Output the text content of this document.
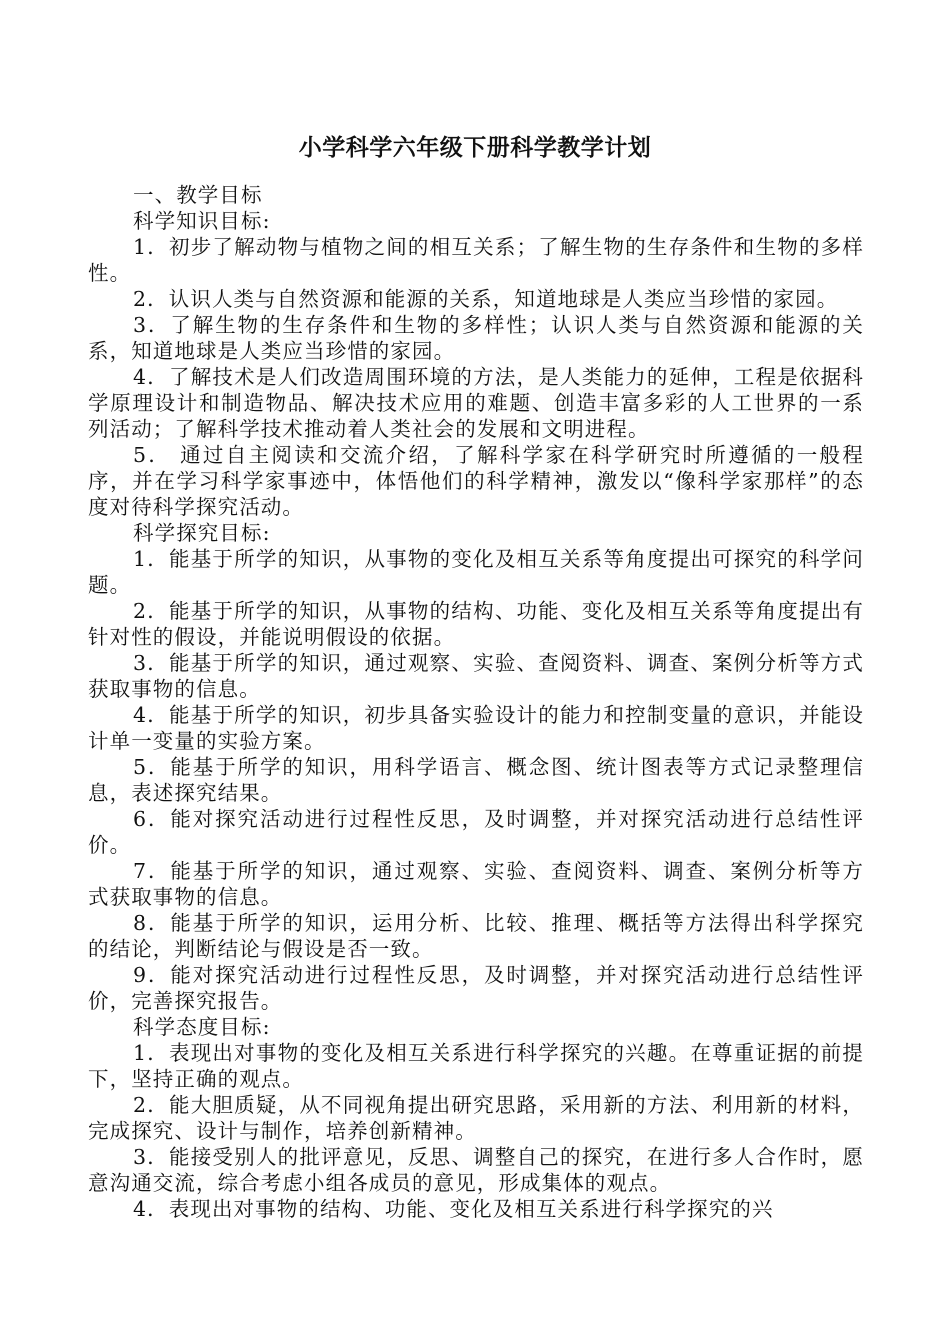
小学科学六年级下册科学教学计划

一、教学目标

科学知识目标:

1．初步了解动物与植物之间的相互关系；了解生物的生存条件和生物的多样性。

2．认识人类与自然资源和能源的关系，知道地球是人类应当珍惜的家园。

3．了解生物的生存条件和生物的多样性；认识人类与自然资源和能源的关系，知道地球是人类应当珍惜的家园。

4．了解技术是人们改造周围环境的方法，是人类能力的延伸，工程是依据科学原理设计和制造物品、解决技术应用的难题、创造丰富多彩的人工世界的一系列活动；了解科学技术推动着人类社会的发展和文明进程。

5． 通过自主阅读和交流介绍，了解科学家在科学研究时所遵循的一般程序，并在学习科学家事迹中，体悟他们的科学精神，激发以“像科学家那样”的态度对待科学探究活动。

科学探究目标:

1．能基于所学的知识，从事物的变化及相互关系等角度提出可探究的科学问题。

2．能基于所学的知识，从事物的结构、功能、变化及相互关系等角度提出有针对性的假设，并能说明假设的依据。

3．能基于所学的知识，通过观察、实验、查阅资料、调查、案例分析等方式获取事物的信息。

4．能基于所学的知识，初步具备实验设计的能力和控制变量的意识，并能设计单一变量的实验方案。

5．能基于所学的知识，用科学语言、概念图、统计图表等方式记录整理信息，表述探究结果。

6．能对探究活动进行过程性反思，及时调整，并对探究活动进行总结性评价。

7．能基于所学的知识，通过观察、实验、查阅资料、调查、案例分析等方 式获取事物的信息。

8．能基于所学的知识，运用分析、比较、推理、概括等方法得出科学探究 的结论，判断结论与假设是否一致。

9．能对探究活动进行过程性反思，及时调整，并对探究活动进行总结性评 价，完善探究报告。

科学态度目标:

1．表现出对事物的变化及相互关系进行科学探究的兴趣。在尊重证据的前提下，坚持正确的观点。

2．能大胆质疑，从不同视角提出研究思路，采用新的方法、利用新的材料，完成探究、设计与制作，培养创新精神。

3．能接受别人的批评意见，反思、调整自己的探究，在进行多人合作时，愿意沟通交流，综合考虑小组各成员的意见，形成集体的观点。

4．表现出对事物的结构、功能、变化及相互关系进行科学探究的兴
